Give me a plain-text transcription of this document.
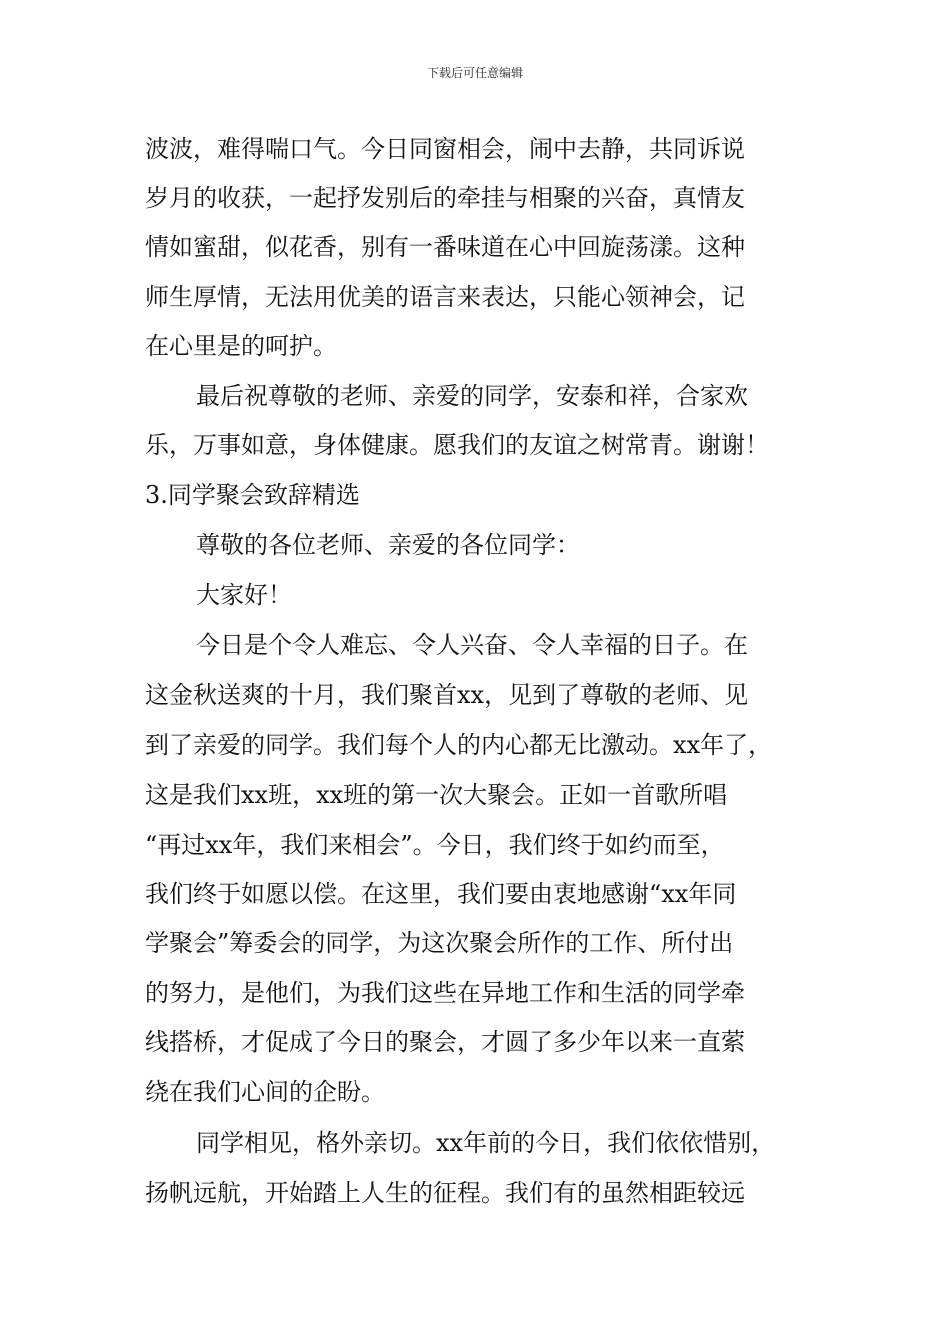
下载后可任意编辑
波波，难得喘口气。今日同窗相会，闹中去静，共同诉说
岁月的收获，一起抒发别后的牵挂与相聚的兴奋，真情友
情如蜜甜，似花香，别有一番味道在心中回旋荡漾。这种
师生厚情，无法用优美的语言来表达，只能心领神会，记
在心里是的呵护。
最后祝尊敬的老师、亲爱的同学，安泰和祥，合家欢
乐，万事如意，身体健康。愿我们的友谊之树常青。谢谢！
3.同学聚会致辞精选
尊敬的各位老师、亲爱的各位同学：
大家好！
今日是个令人难忘、令人兴奋、令人幸福的日子。在
这金秋送爽的十月，我们聚首xx，见到了尊敬的老师、见
到了亲爱的同学。我们每个人的内心都无比激动。xx年了，
这是我们xx班，xx班的第一次大聚会。正如一首歌所唱
“再过xx年，我们来相会”。今日，我们终于如约而至，
我们终于如愿以偿。在这里，我们要由衷地感谢“xx年同
学聚会”筹委会的同学，为这次聚会所作的工作、所付出
的努力，是他们，为我们这些在异地工作和生活的同学牵
线搭桥，才促成了今日的聚会，才圆了多少年以来一直萦
绕在我们心间的企盼。
同学相见，格外亲切。xx年前的今日，我们依依惜别，
扬帆远航，开始踏上人生的征程。我们有的虽然相距较远
